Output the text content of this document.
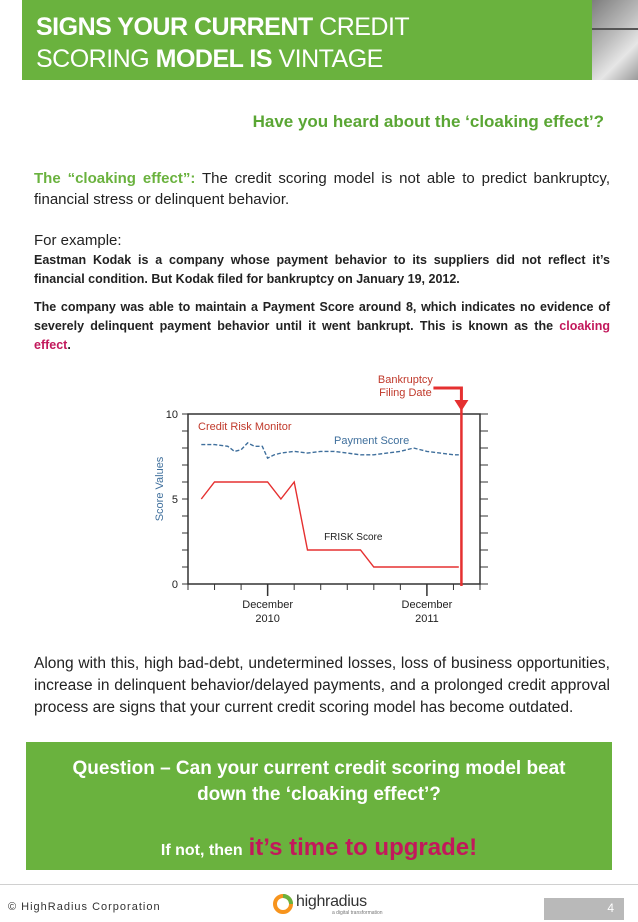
SIGNS YOUR CURRENT CREDIT
SCORING MODEL IS VINTAGE
Have you heard about the ‘cloaking effect’?
The “cloaking effect”: The credit scoring model is not able to predict bankruptcy, financial stress or delinquent behavior.
For example:
Eastman Kodak is a company whose payment behavior to its suppliers did not reflect it’s financial condition. But Kodak filed for bankruptcy on January 19, 2012.
The company was able to maintain a Payment Score around 8, which indicates no evidence of severely delinquent payment behavior until it went bankrupt. This is known as the cloaking effect.
0
5
10
December
2010
December
2011
Score Values
Bankruptcy
Filing Date
Credit Risk Monitor
Payment Score
FRISK Score
Along with this, high bad-debt, undetermined losses, loss of business opportunities, increase in delinquent behavior/delayed payments, and a prolonged credit approval process are signs that your current credit scoring model has become outdated.
Question – Can your current credit scoring model beat
down the ‘cloaking effect’?
If not, then it’s time to upgrade!
© HighRadius Corporation	highradius
a digital transformation	4
